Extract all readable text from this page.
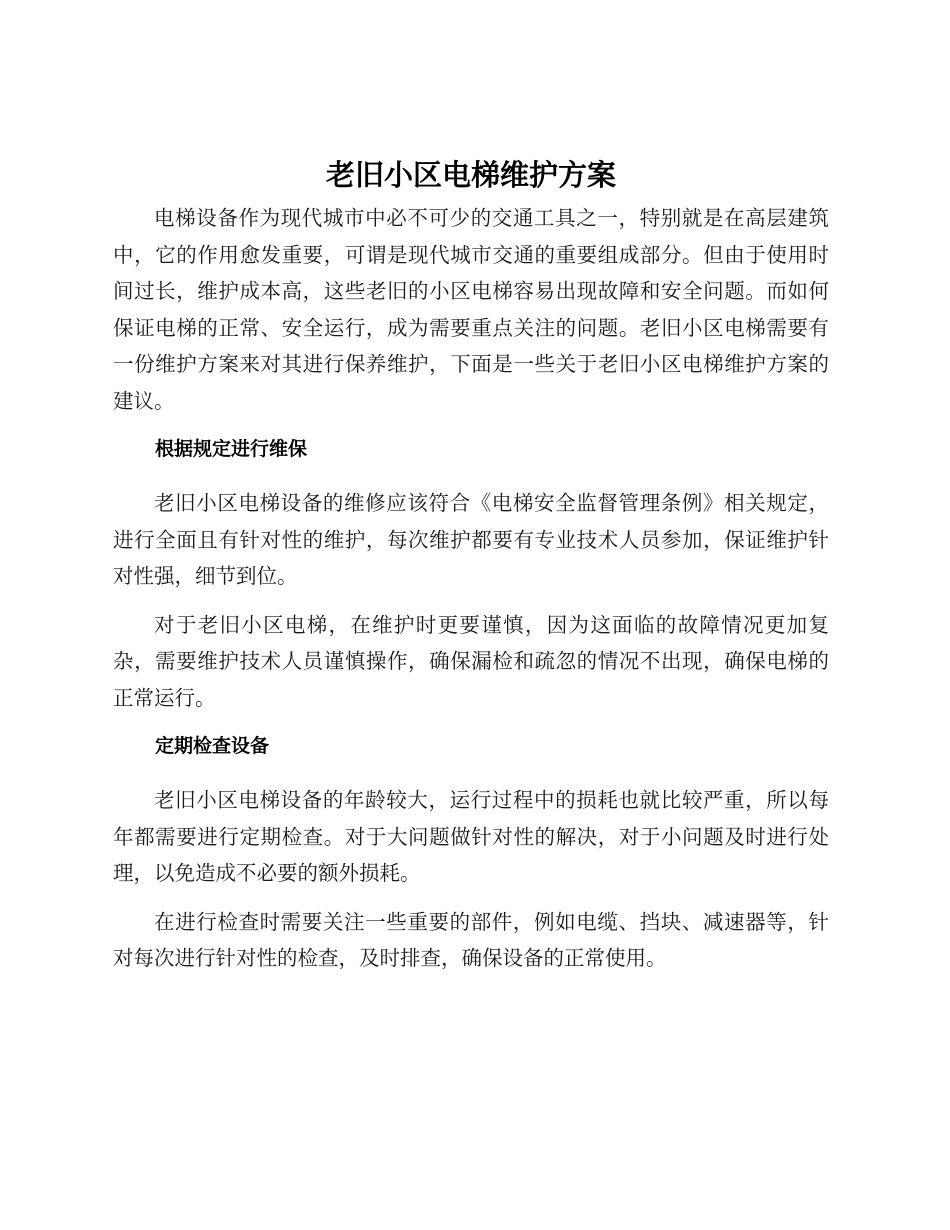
老旧小区电梯维护方案

电梯设备作为现代城市中必不可少的交通工具之一，特别就是在高层建筑中，它的作用愈发重要，可谓是现代城市交通的重要组成部分。但由于使用时间过长，维护成本高，这些老旧的小区电梯容易出现故障和安全问题。而如何保证电梯的正常、安全运行，成为需要重点关注的问题。老旧小区电梯需要有一份维护方案来对其进行保养维护，下面是一些关于老旧小区电梯维护方案的建议。

根据规定进行维保

老旧小区电梯设备的维修应该符合《电梯安全监督管理条例》相关规定，进行全面且有针对性的维护，每次维护都要有专业技术人员参加，保证维护针对性强，细节到位。

对于老旧小区电梯，在维护时更要谨慎，因为这面临的故障情况更加复杂，需要维护技术人员谨慎操作，确保漏检和疏忽的情况不出现，确保电梯的正常运行。

定期检查设备

老旧小区电梯设备的年龄较大，运行过程中的损耗也就比较严重，所以每年都需要进行定期检查。对于大问题做针对性的解决，对于小问题及时进行处理，以免造成不必要的额外损耗。

在进行检查时需要关注一些重要的部件，例如电缆、挡块、减速器等，针对每次进行针对性的检查，及时排查，确保设备的正常使用。
